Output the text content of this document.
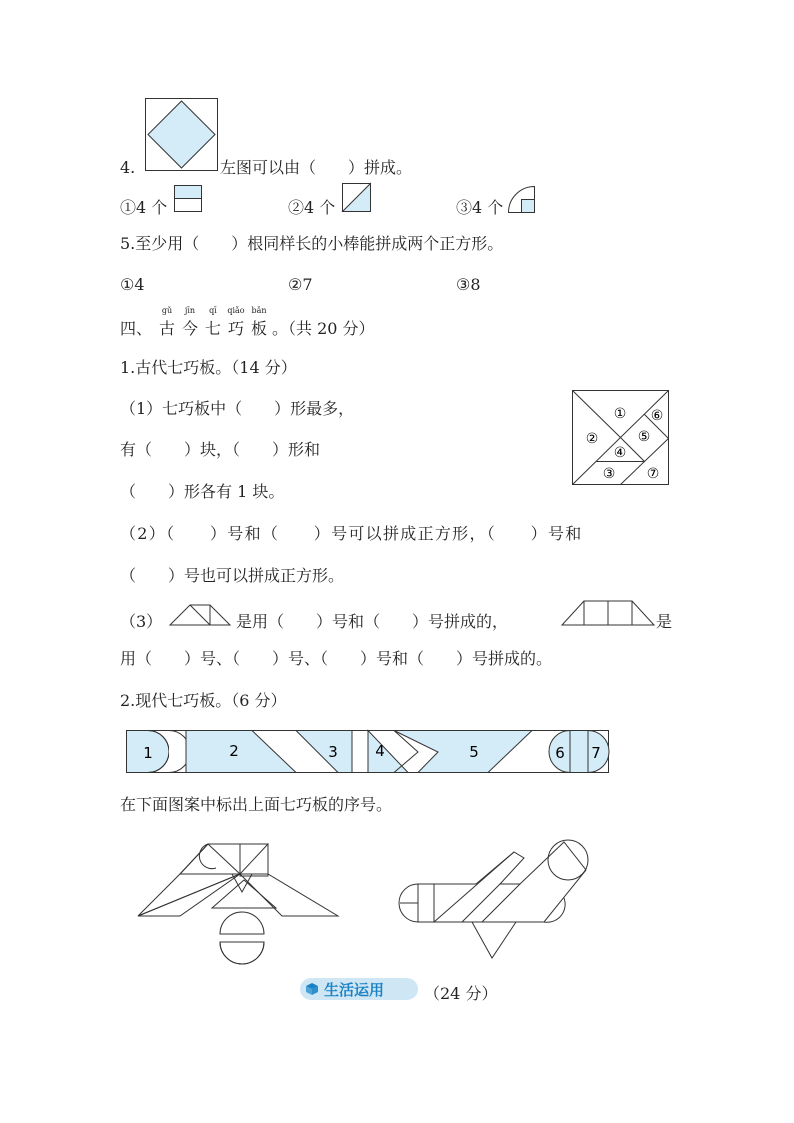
4.	左图可以由（　　）拼成。
①4 个	②4 个	③4 个
5.至少用（　　）根同样长的小棒能拼成两个正方形。
①4	②7	③8
四、
gǔ	jīn	qī	qiǎo bǎn
古 今 七 巧 板 。（共 20 分）
1.古代七巧板。（14 分）
（1）七巧板中（　　）形最多，
有（　　）块，（　　）形和
（　　）形各有 1 块。
①
②
③
④
⑤
⑥
⑦
（2）（　　）号和（　　）号可以拼成正方形，（　　）号和
（　　）号也可以拼成正方形。
（3）	是用（　　）号和（　　）号拼成的，	是
用（　　）号、（　　）号、（　　）号和（　　）号拼成的。
2.现代七巧板。（6 分）
1	2	3 4	5	6 7
在下面图案中标出上面七巧板的序号。
生活运用 （24 分）
